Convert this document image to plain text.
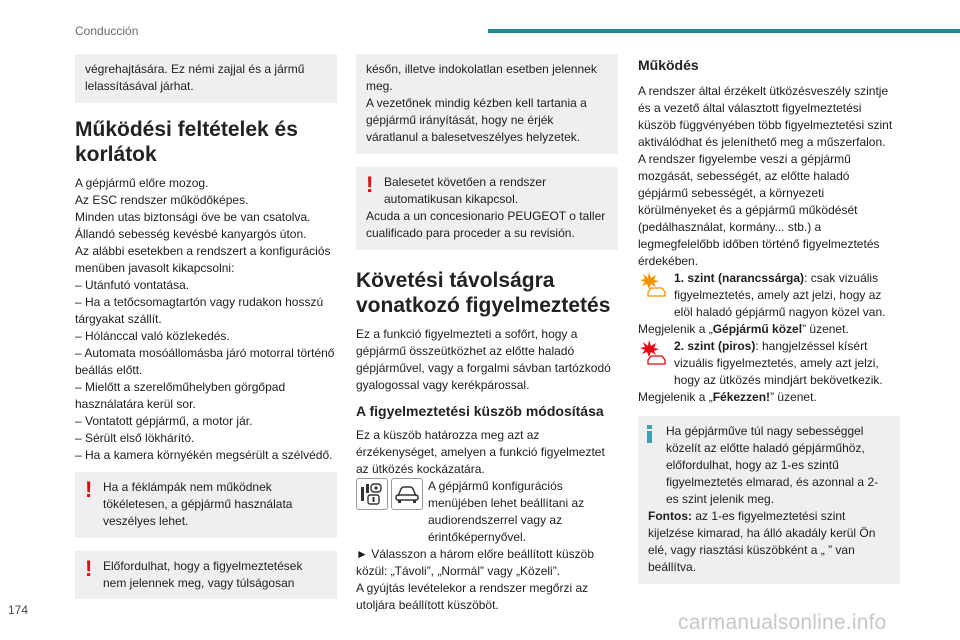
Conducción

végrehajtására. Ez némi zajjal és a jármű lelassításával járhat.

Működési feltételek és korlátok

A gépjármű előre mozog.

Az ESC rendszer működőképes.

Minden utas biztonsági öve be van csatolva.

Állandó sebesség kevésbé kanyargós úton.

Az alábbi esetekben a rendszert a konfigurációs menüben javasolt kikapcsolni:

– Utánfutó vontatása.

– Ha a tetőcsomagtartón vagy rudakon hosszú tárgyakat szállít.

– Hólánccal való közlekedés.

– Automata mosóállomásba járó motorral történő beállás előtt.

– Mielőtt a szerelőműhelyben görgőpad használatára kerül sor.

– Vontatott gépjármű, a motor jár.

– Sérült első lökhárító.

– Ha a kamera környékén megsérült a szélvédő.

! Ha a féklámpák nem működnek tökéletesen, a gépjármű használata veszélyes lehet.

! Előfordulhat, hogy a figyelmeztetések nem jelennek meg, vagy túlságosan

későn, illetve indokolatlan esetben jelennek meg.
A vezetőnek mindig kézben kell tartania a gépjármű irányítását, hogy ne érjék váratlanul a balesetveszélyes helyzetek.

! Balesetet követően a rendszer automatikusan kikapcsol.

Acuda a un concesionario PEUGEOT o taller cualificado para proceder a su revisión.

Követési távolságra vonatkozó figyelmeztetés

Ez a funkció figyelmezteti a sofőrt, hogy a gépjármű összeütközhet az előtte haladó gépjárművel, vagy a forgalmi sávban tartózkodó gyalogossal vagy kerékpárossal.

A figyelmeztetési küszöb módosítása

Ez a küszöb határozza meg azt az érzékenységet, amelyen a funkció figyelmeztet az ütközés kockázatára.

A gépjármű konfigurációs menüjében lehet beállítani az audiorendszerrel vagy az érintőképernyővel.

► Válasszon a három előre beállított küszöb közül: „Távoli”, „Normál” vagy „Közeli”.

A gyújtás levételekor a rendszer megőrzi az utoljára beállított küszöböt.

Működés

A rendszer által érzékelt ütközésveszély szintje és a vezető által választott figyelmeztetési küszöb függvényében több figyelmeztetési szint aktiválódhat és jeleníthető meg a műszerfalon.

A rendszer figyelembe veszi a gépjármű mozgását, sebességét, az előtte haladó gépjármű sebességét, a környezeti körülményeket és a gépjármű működését (pedálhasználat, kormány... stb.) a legmegfelelőbb időben történő figyelmeztetés érdekében.

1. szint (narancssárga): csak vizuális figyelmeztetés, amely azt jelzi, hogy az elöl haladó gépjármű nagyon közel van.

Megjelenik a „Gépjármű közel” üzenet.

2. szint (piros): hangjelzéssel kísért vizuális figyelmeztetés, amely azt jelzi, hogy az ütközés mindjárt bekövetkezik.

Megjelenik a „Fékezzen!” üzenet.

Ha gépjárműve túl nagy sebességgel közelít az előtte haladó gépjárműhöz, előfordulhat, hogy az 1-es szintű figyelmeztetés elmarad, és azonnal a 2-es szint jelenik meg.

Fontos: az 1-es figyelmeztetési szint kijelzése kimarad, ha álló akadály kerül Ön elé, vagy riasztási küszöbként a „ ” van beállítva.

174
carmanualsonline.info
